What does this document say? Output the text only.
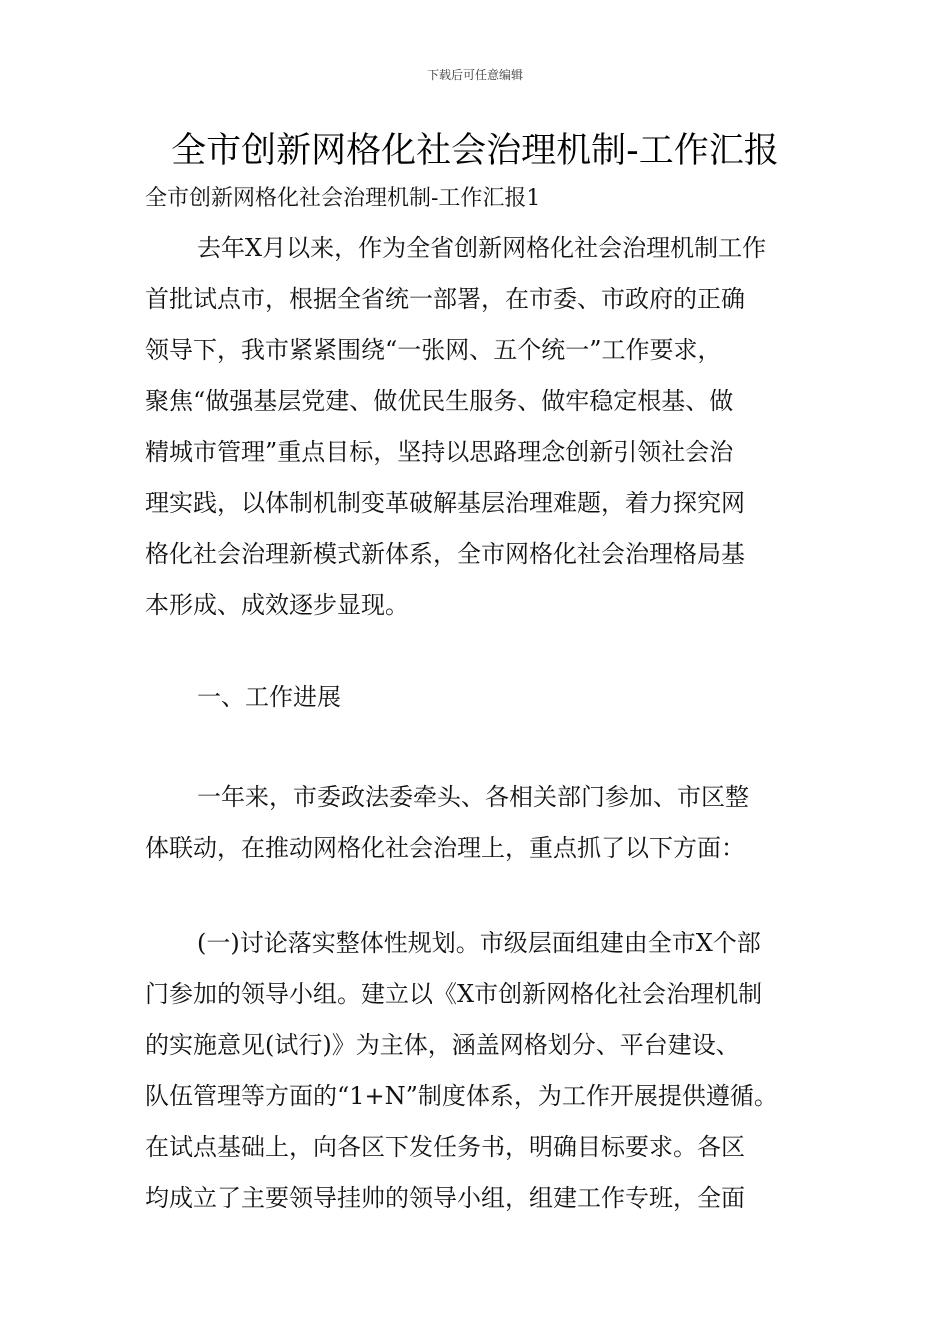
下载后可任意编辑
全市创新网格化社会治理机制-工作汇报
全市创新网格化社会治理机制-工作汇报1
去年X月以来，作为全省创新网格化社会治理机制工作
首批试点市，根据全省统一部署，在市委、市政府的正确
领导下，我市紧紧围绕“一张网、五个统一”工作要求，
聚焦“做强基层党建、做优民生服务、做牢稳定根基、做
精城市管理”重点目标，坚持以思路理念创新引领社会治
理实践，以体制机制变革破解基层治理难题，着力探究网
格化社会治理新模式新体系，全市网格化社会治理格局基
本形成、成效逐步显现。
一、工作进展
一年来，市委政法委牵头、各相关部门参加、市区整
体联动，在推动网格化社会治理上，重点抓了以下方面：
(一)讨论落实整体性规划。市级层面组建由全市X个部
门参加的领导小组。建立以《X市创新网格化社会治理机制
的实施意见(试行)》为主体，涵盖网格划分、平台建设、
队伍管理等方面的“1+N”制度体系，为工作开展提供遵循。
在试点基础上，向各区下发任务书，明确目标要求。各区
均成立了主要领导挂帅的领导小组，组建工作专班，全面
